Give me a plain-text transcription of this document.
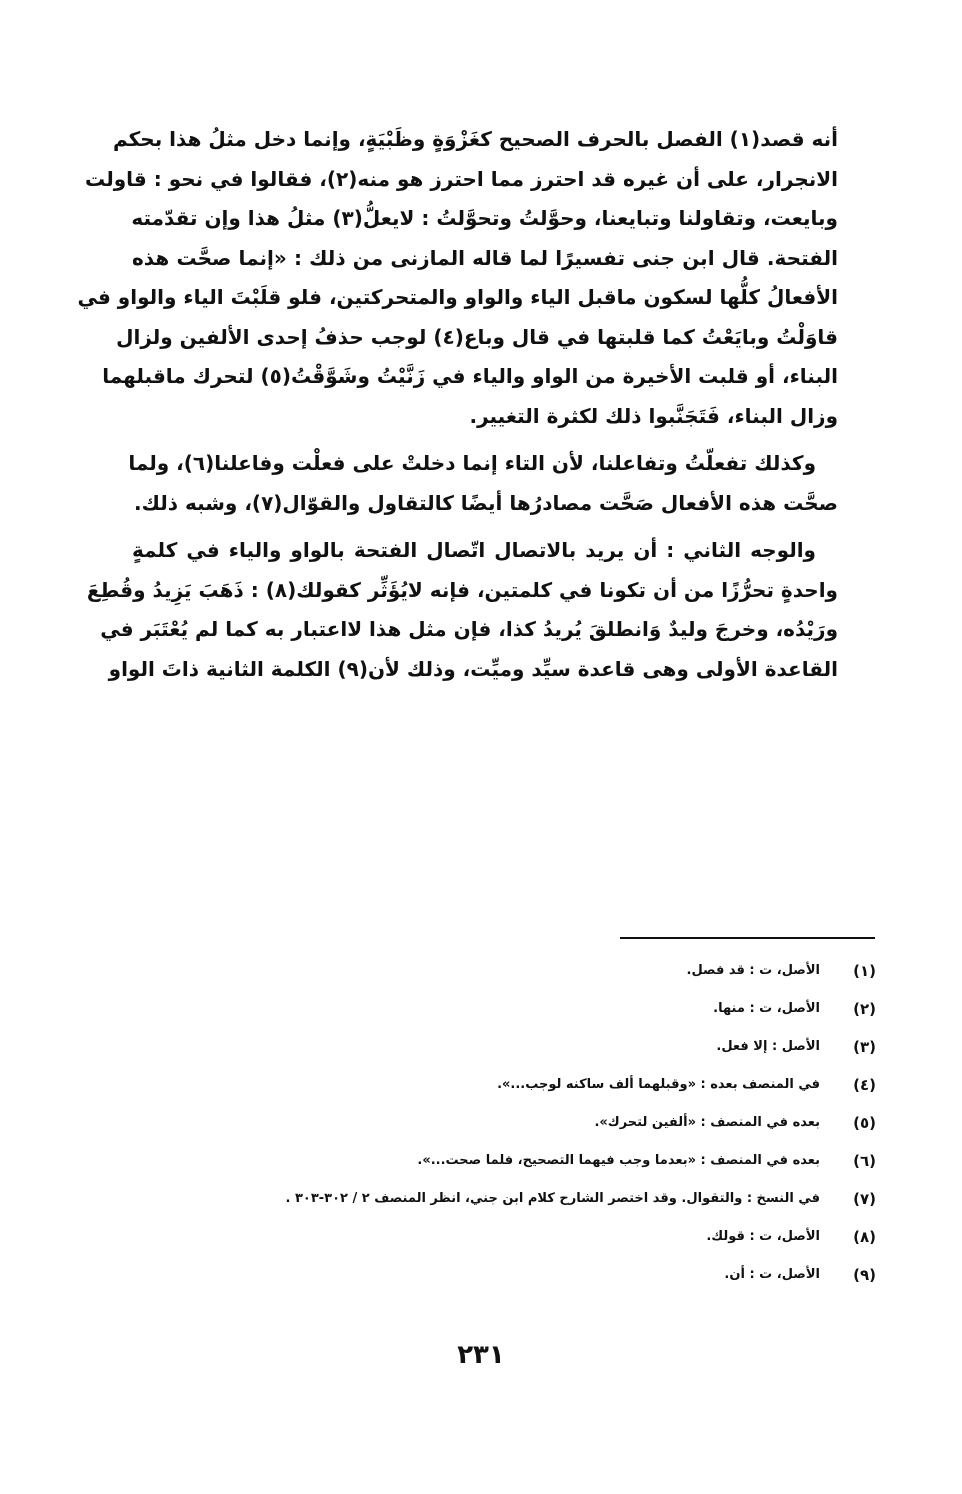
أنه قصد(١) الفصل بالحرف الصحيح كغَزْوَةٍ وظَبْيَةٍ، وإنما دخل مثلُ هذا بحكم
الانجرار، على أن غيره قد احترز مما احترز هو منه(٢)، فقالوا في نحو : قاولت
وبايعت، وتقاولنا وتبايعنا، وحوَّلتُ وتحوَّلتُ : لايعلُّ(٣) مثلُ هذا وإن تقدّمته
الفتحة. قال ابن جنى تفسيرًا لما قاله المازنى من ذلك : «إنما صحَّت هذه
الأفعالُ كلُّها لسكون ماقبل الياء والواو والمتحركتين، فلو قلَبْتَ الياء والواو في
قاوَلْتُ وبايَعْتُ كما قلبتها في قال وباع(٤) لوجب حذفُ إحدى الألفين ولزال
البناء، أو قلبت الأخيرة من الواو والياء في زَنَّيْتُ وشَوَّقْتُ(٥) لتحرك ماقبلهما
وزال البناء، فَتَجَنَّبوا ذلك لكثرة التغيير.
وكذلك تفعلّتُ وتفاعلنا، لأن التاء إنما دخلتْ على فعلْت وفاعلنا(٦)، ولما
صحَّت هذه الأفعال صَحَّت مصادرُها أيضًا كالتقاول والقوّال(٧)، وشبه ذلك.
والوجه الثاني : أن يريد بالاتصال اتّصال الفتحة بالواو والياء في كلمةٍ
واحدةٍ تحرُّزًا من أن تكونا في كلمتين، فإنه لايُؤَثِّر كقولك(٨) : ذَهَبَ يَزِيدُ وقُطِعَ
ورَيْدُه، وخرجَ وليدٌ وَانطلقَ يُريدُ كذا، فإن مثل هذا لااعتبار به كما لم يُعْتَبَر في
القاعدة الأولى وهى قاعدة سيِّد وميِّت، وذلك لأن(٩) الكلمة الثانية ذاتَ الواو
(١)
الأصل، ت : قد فصل.
(٢)
الأصل، ت : منها.
(٣)
الأصل : إلا فعل.
(٤)
في المنصف بعده : «وقبلهما ألف ساكنه لوجب...».
(٥)
بعده في المنصف : «ألفين لتحرك».
(٦)
بعده في المنصف : «بعدما وجب فيهما التصحيح، فلما صحت...».
(٧)
في النسخ : والتقوال. وقد اختصر الشارح كلام ابن جني، انظر المنصف ٢ / ٣٠٢-٣٠٣ .
(٨)
الأصل، ت : قولك.
(٩)
الأصل، ت : أن.
٢٣١
